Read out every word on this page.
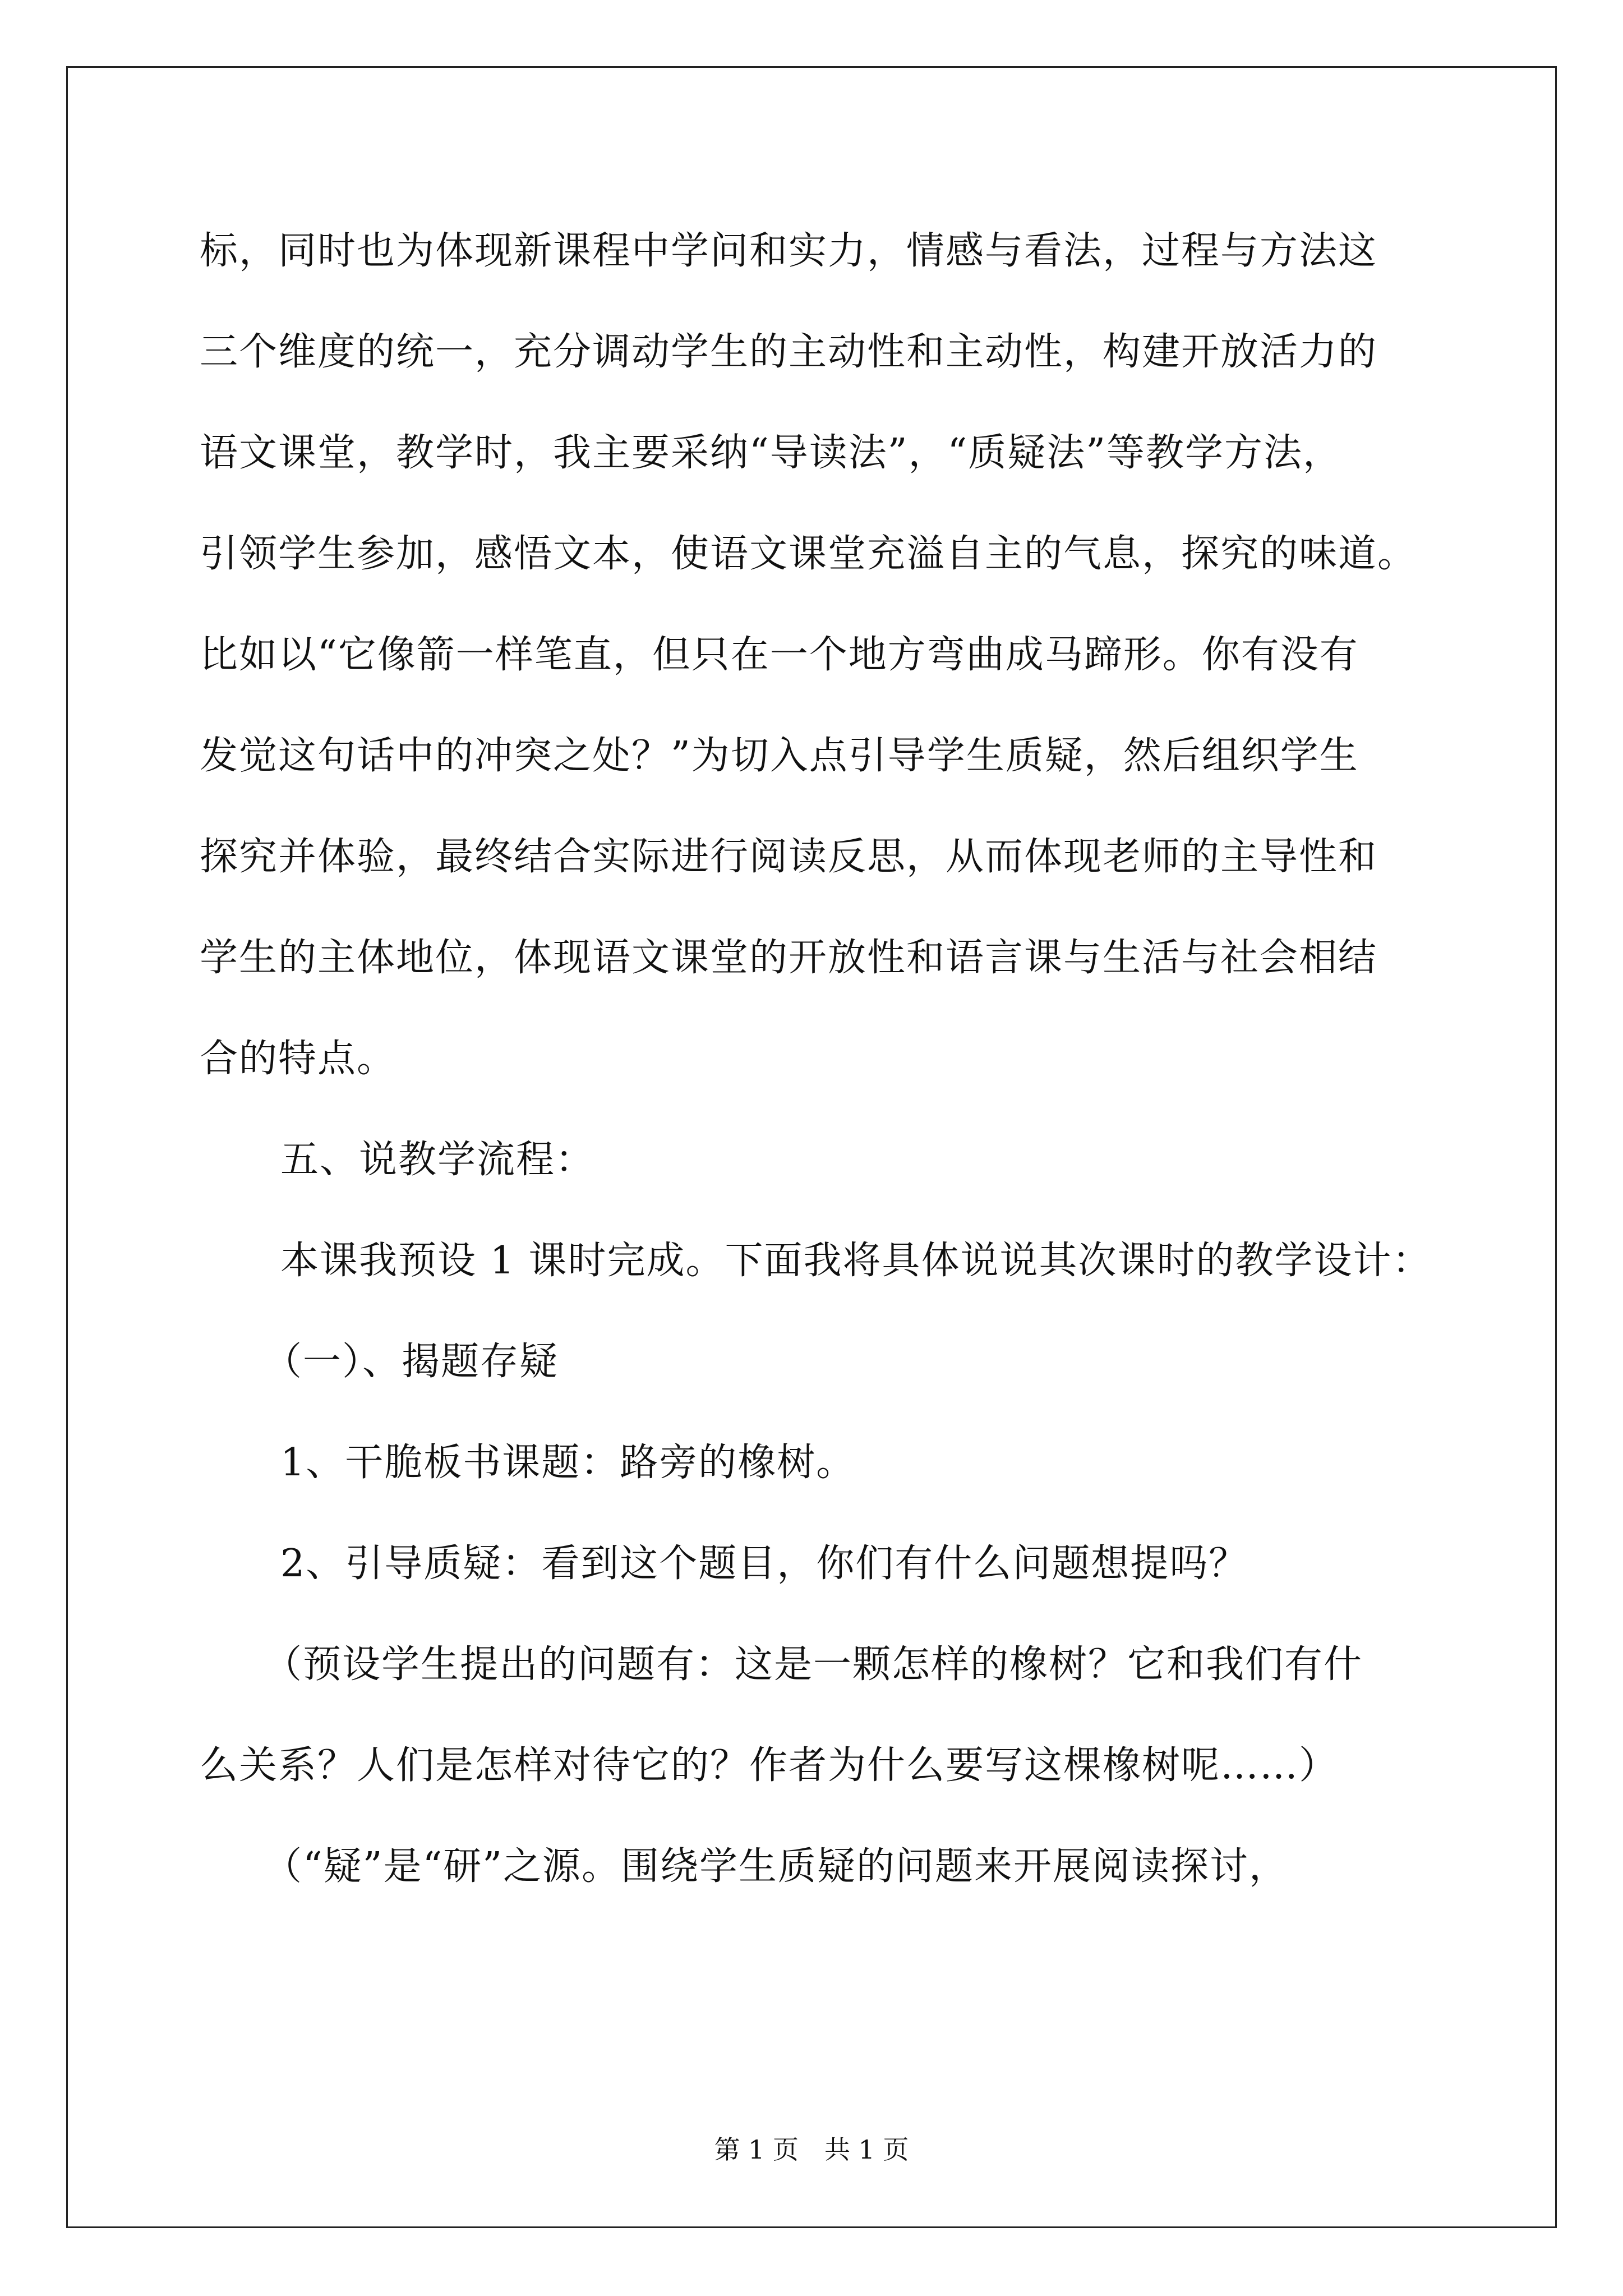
标，同时也为体现新课程中学问和实力，情感与看法，过程与方法这
三个维度的统一，充分调动学生的主动性和主动性，构建开放活力的
语文课堂，教学时，我主要采纳“导读法”，“质疑法”等教学方法，
引领学生参加，感悟文本，使语文课堂充溢自主的气息，探究的味道。
比如以“它像箭一样笔直，但只在一个地方弯曲成马蹄形。你有没有
发觉这句话中的冲突之处？”为切入点引导学生质疑，然后组织学生
探究并体验，最终结合实际进行阅读反思，从而体现老师的主导性和
学生的主体地位，体现语文课堂的开放性和语言课与生活与社会相结
合的特点。
五、说教学流程：
本课我预设 1 课时完成。下面我将具体说说其次课时的教学设计：
（一）、揭题存疑
1、干脆板书课题：路旁的橡树。
2、引导质疑：看到这个题目，你们有什么问题想提吗？
（预设学生提出的问题有：这是一颗怎样的橡树？它和我们有什
么关系？人们是怎样对待它的？作者为什么要写这棵橡树呢……）
（“疑”是“研”之源。围绕学生质疑的问题来开展阅读探讨，
第 1 页　共 1 页
